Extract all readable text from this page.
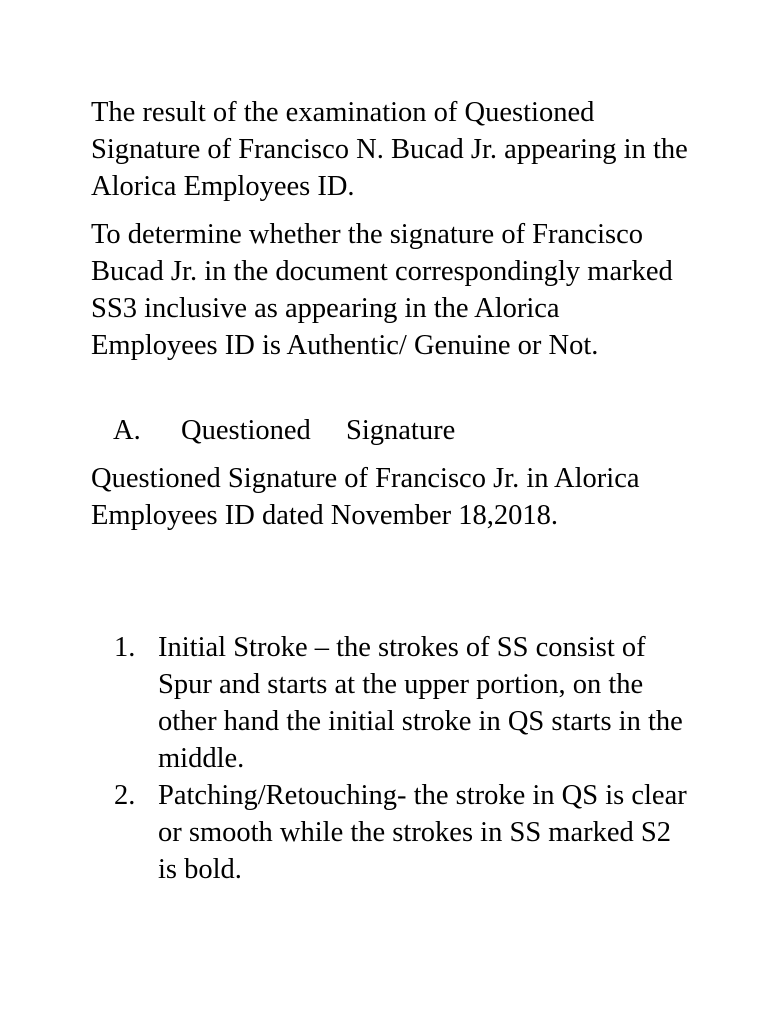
The result of the examination of Questioned Signature of Francisco N. Bucad Jr. appearing in the Alorica Employees ID.

To determine whether the signature of Francisco Bucad Jr. in the document correspondingly marked SS3 inclusive as appearing in the Alorica Employees ID is Authentic/ Genuine or Not.

A. Questioned Signature

Questioned Signature of Francisco Jr. in Alorica Employees ID dated November 18,2018.

1. Initial Stroke – the strokes of SS consist of Spur and starts at the upper portion, on the other hand the initial stroke in QS starts in the middle.
2. Patching/Retouching- the stroke in QS is clear or smooth while the strokes in SS marked S2 is bold.
